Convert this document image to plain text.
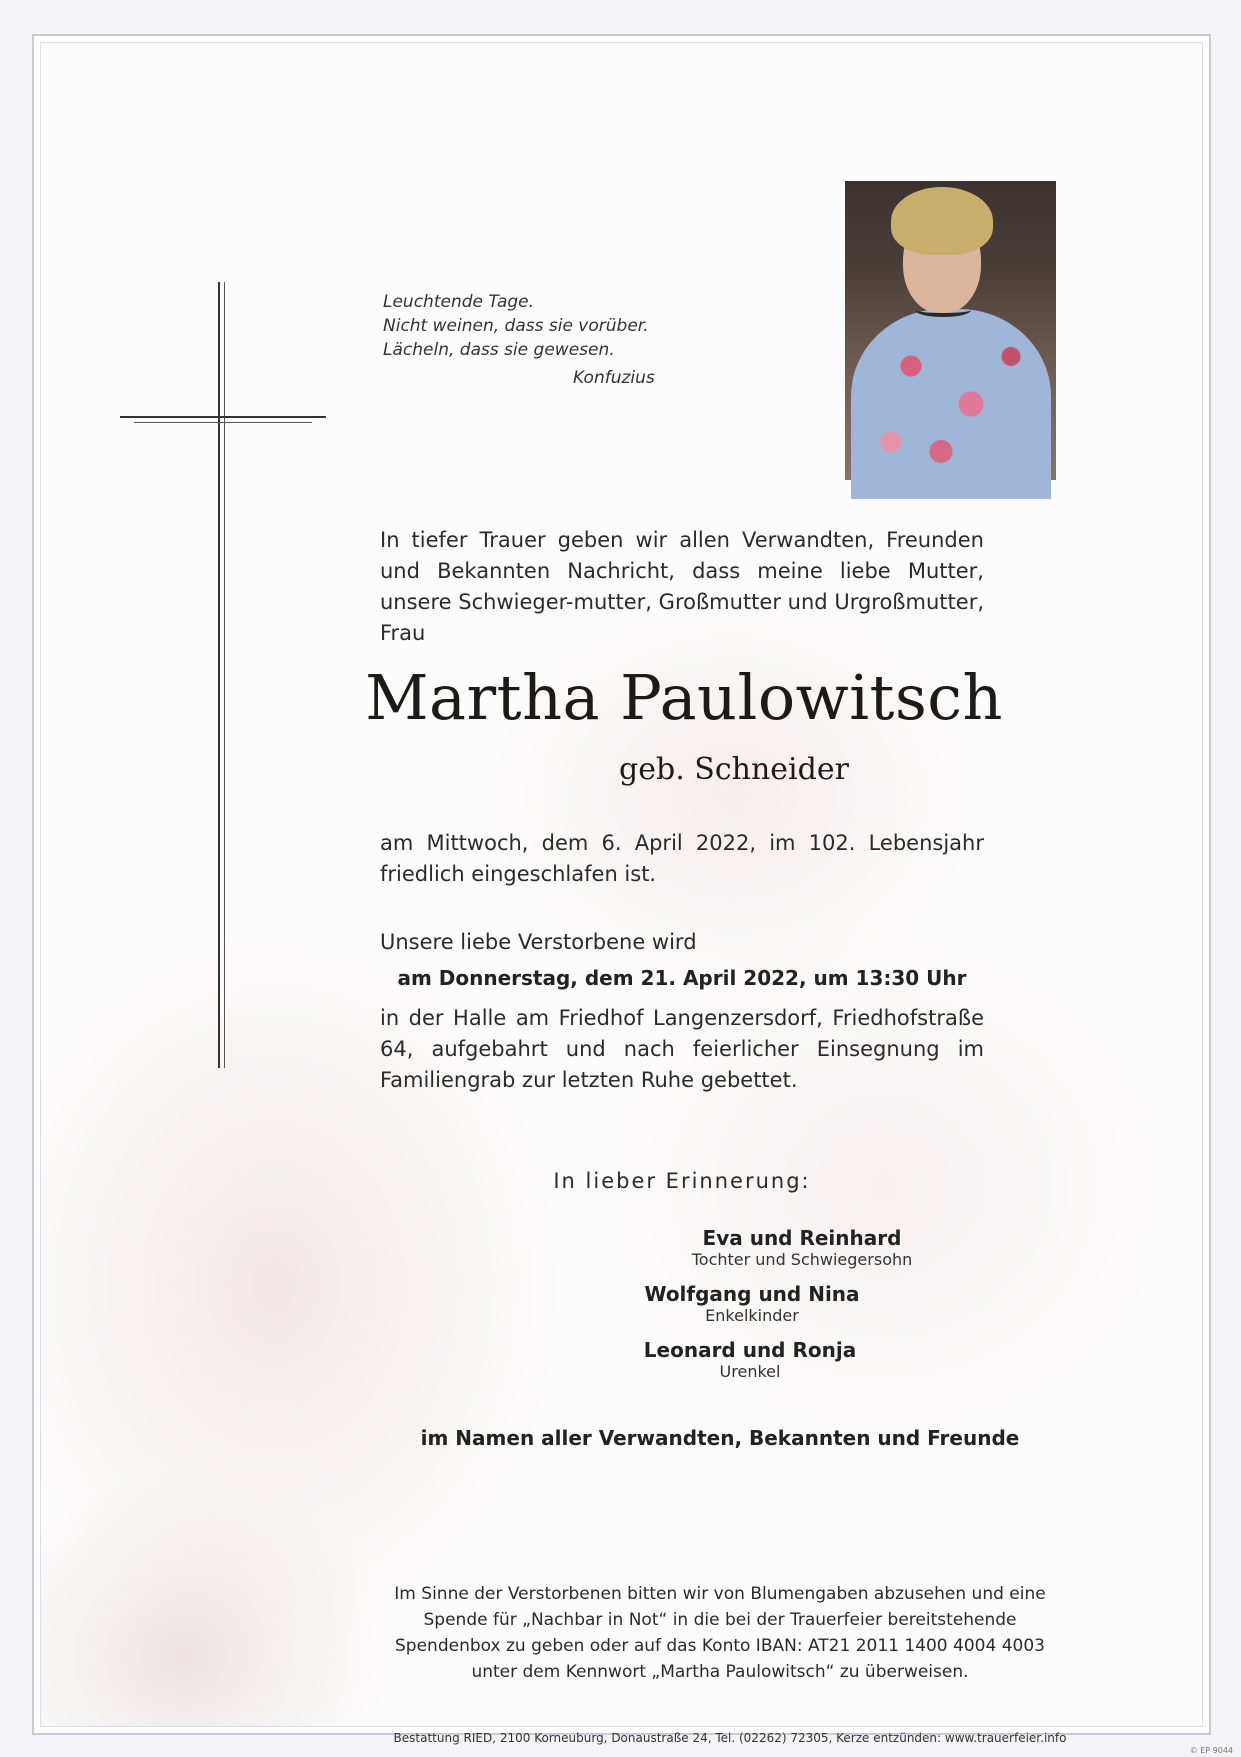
Leuchtende Tage.
Nicht weinen, dass sie vorüber.
Lächeln, dass sie gewesen.
Konfuzius

In tiefer Trauer geben wir allen Verwandten, Freunden und Bekannten Nachricht, dass meine liebe Mutter, unsere Schwieger-mutter, Großmutter und Urgroßmutter, Frau

Martha Paulowitsch
geb. Schneider

am Mittwoch, dem 6. April 2022, im 102. Lebensjahr friedlich eingeschlafen ist.

Unsere liebe Verstorbene wird

am Donnerstag, dem 21. April 2022, um 13:30 Uhr

in der Halle am Friedhof Langenzersdorf, Friedhofstraße 64, aufgebahrt und nach feierlicher Einsegnung im Familiengrab zur letzten Ruhe gebettet.

In lieber Erinnerung:
Eva und Reinhard
Tochter und Schwiegersohn
Wolfgang und Nina
Enkelkinder
Leonard und Ronja
Urenkel
im Namen aller Verwandten, Bekannten und Freunde
Im Sinne der Verstorbenen bitten wir von Blumengaben abzusehen und eine
Spende für „Nachbar in Not“ in die bei der Trauerfeier bereitstehende
Spendenbox zu geben oder auf das Konto IBAN: AT21 2011 1400 4004 4003
unter dem Kennwort „Martha Paulowitsch“ zu überweisen.
Bestattung RIED, 2100 Korneuburg, Donaustraße 24, Tel. (02262) 72305, Kerze entzünden: www.trauerfeier.info
© EP 9044
